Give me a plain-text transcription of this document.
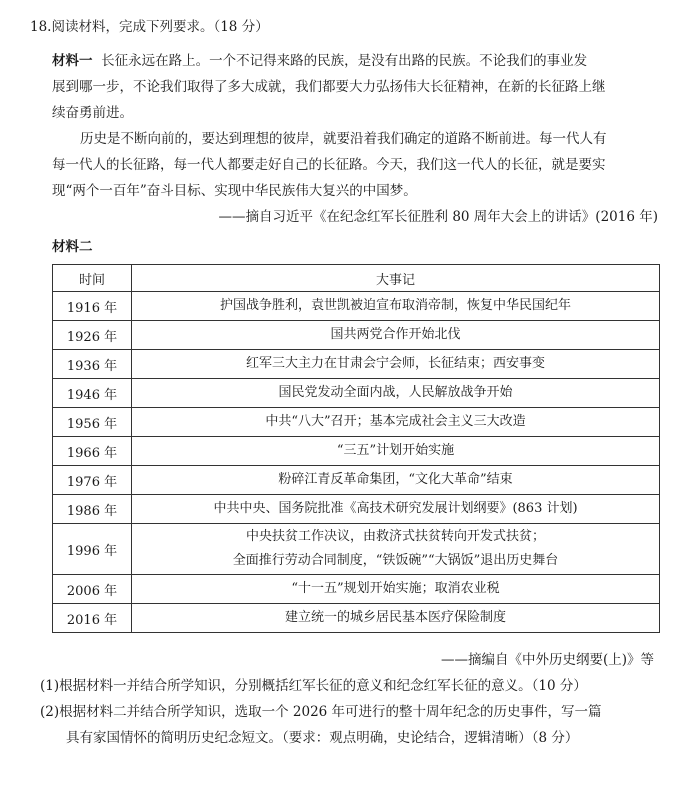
18.阅读材料，完成下列要求。（18 分）
材料一 长征永远在路上。一个不记得来路的民族，是没有出路的民族。不论我们的事业发
展到哪一步，不论我们取得了多大成就，我们都要大力弘扬伟大长征精神，在新的长征路上继
续奋勇前进。
历史是不断向前的，要达到理想的彼岸，就要沿着我们确定的道路不断前进。每一代人有
每一代人的长征路，每一代人都要走好自己的长征路。今天，我们这一代人的长征，就是要实
现“两个一百年”奋斗目标、实现中华民族伟大复兴的中国梦。
——摘自习近平《在纪念红军长征胜利 80 周年大会上的讲话》(2016 年)
材料二
时间	大事记
1916 年	护国战争胜利，袁世凯被迫宣布取消帝制，恢复中华民国纪年

1926 年	国共两党合作开始北伐

1936 年	红军三大主力在甘肃会宁会师，长征结束；西安事变

1946 年	国民党发动全面内战，人民解放战争开始

1956 年	中共“八大”召开；基本完成社会主义三大改造

1966 年	“三五”计划开始实施

1976 年	粉碎江青反革命集团，“文化大革命”结束

1986 年	中共中央、国务院批准《高技术研究发展计划纲要》(863 计划)

1996 年	中央扶贫工作决议，由救济式扶贫转向开发式扶贫；
全面推行劳动合同制度，“铁饭碗”“大锅饭”退出历史舞台

2006 年	“十一五”规划开始实施；取消农业税

2016 年	建立统一的城乡居民基本医疗保险制度
——摘编自《中外历史纲要(上)》等
(1)根据材料一并结合所学知识，分别概括红军长征的意义和纪念红军长征的意义。（10 分）
(2)根据材料二并结合所学知识，选取一个 2026 年可进行的整十周年纪念的历史事件，写一篇
具有家国情怀的简明历史纪念短文。（要求：观点明确，史论结合，逻辑清晰）（8 分）
